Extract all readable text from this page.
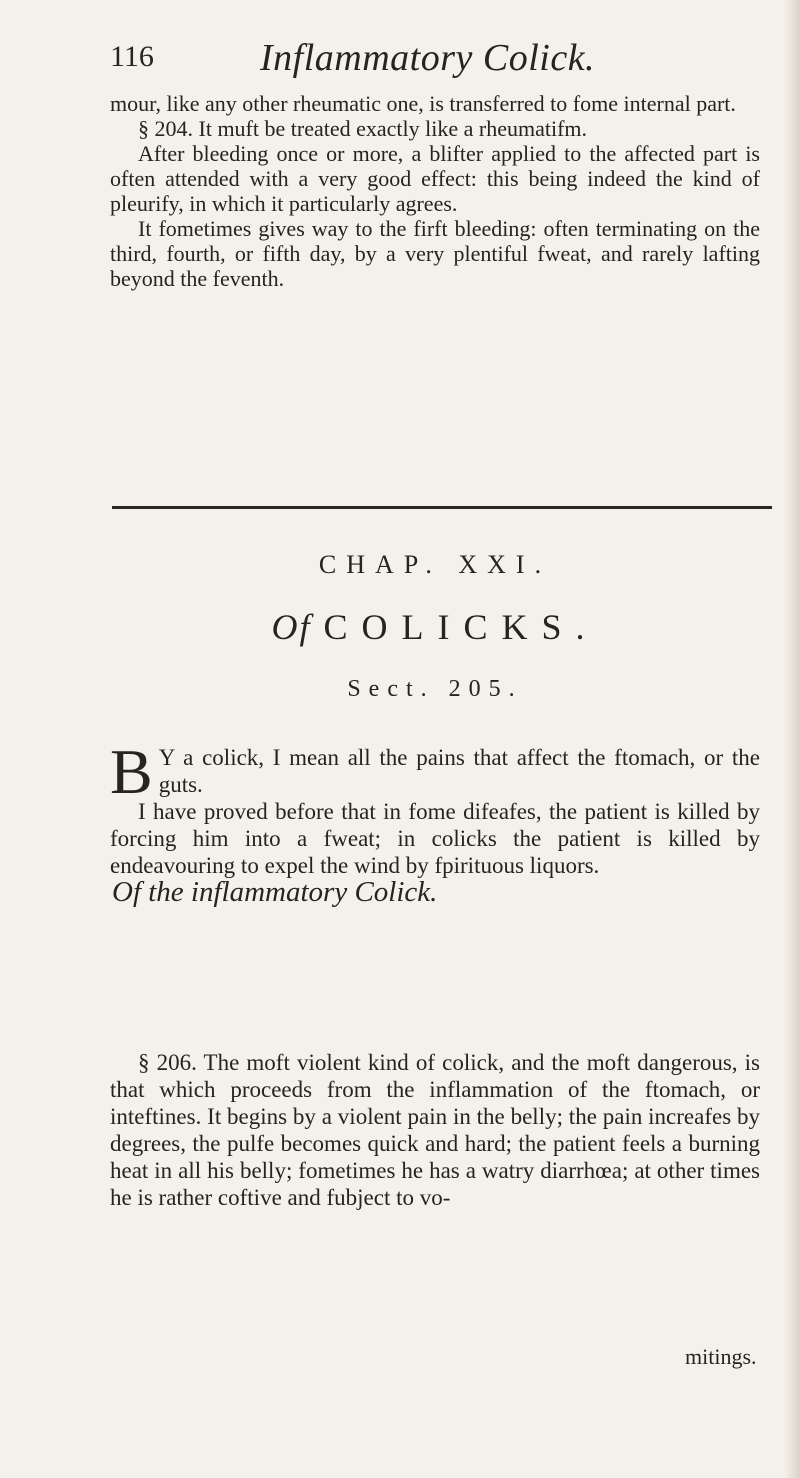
116	Inflammatory Colick.

mour, like any other rheumatic one, is transferred to fome internal part.

§ 204. It muft be treated exactly like a rheumatifm.

After bleeding once or more, a blifter applied to the affected part is often attended with a very good effect: this being indeed the kind of pleurify, in which it particularly agrees.

It fometimes gives way to the firft bleeding: often terminating on the third, fourth, or fifth day, by a very plentiful fweat, and rarely lafting beyond the feventh.

CHAP. XXI.
Of COLICKS.
Sect. 205.

B Y a colick, I mean all the pains that affect the ftomach, or the guts.

I have proved before that in fome difeafes, the patient is killed by forcing him into a fweat; in colicks the patient is killed by endeavouring to expel the wind by fpirituous liquors.

Of the inflammatory Colick.

§ 206. The moft violent kind of colick, and the moft dangerous, is that which proceeds from the inflammation of the ftomach, or inteftines. It begins by a violent pain in the belly; the pain increafes by degrees, the pulfe becomes quick and hard; the patient feels a burning heat in all his belly; fometimes he has a watry diarrhœa; at other times he is rather coftive and fubject to vo-

mitings.
